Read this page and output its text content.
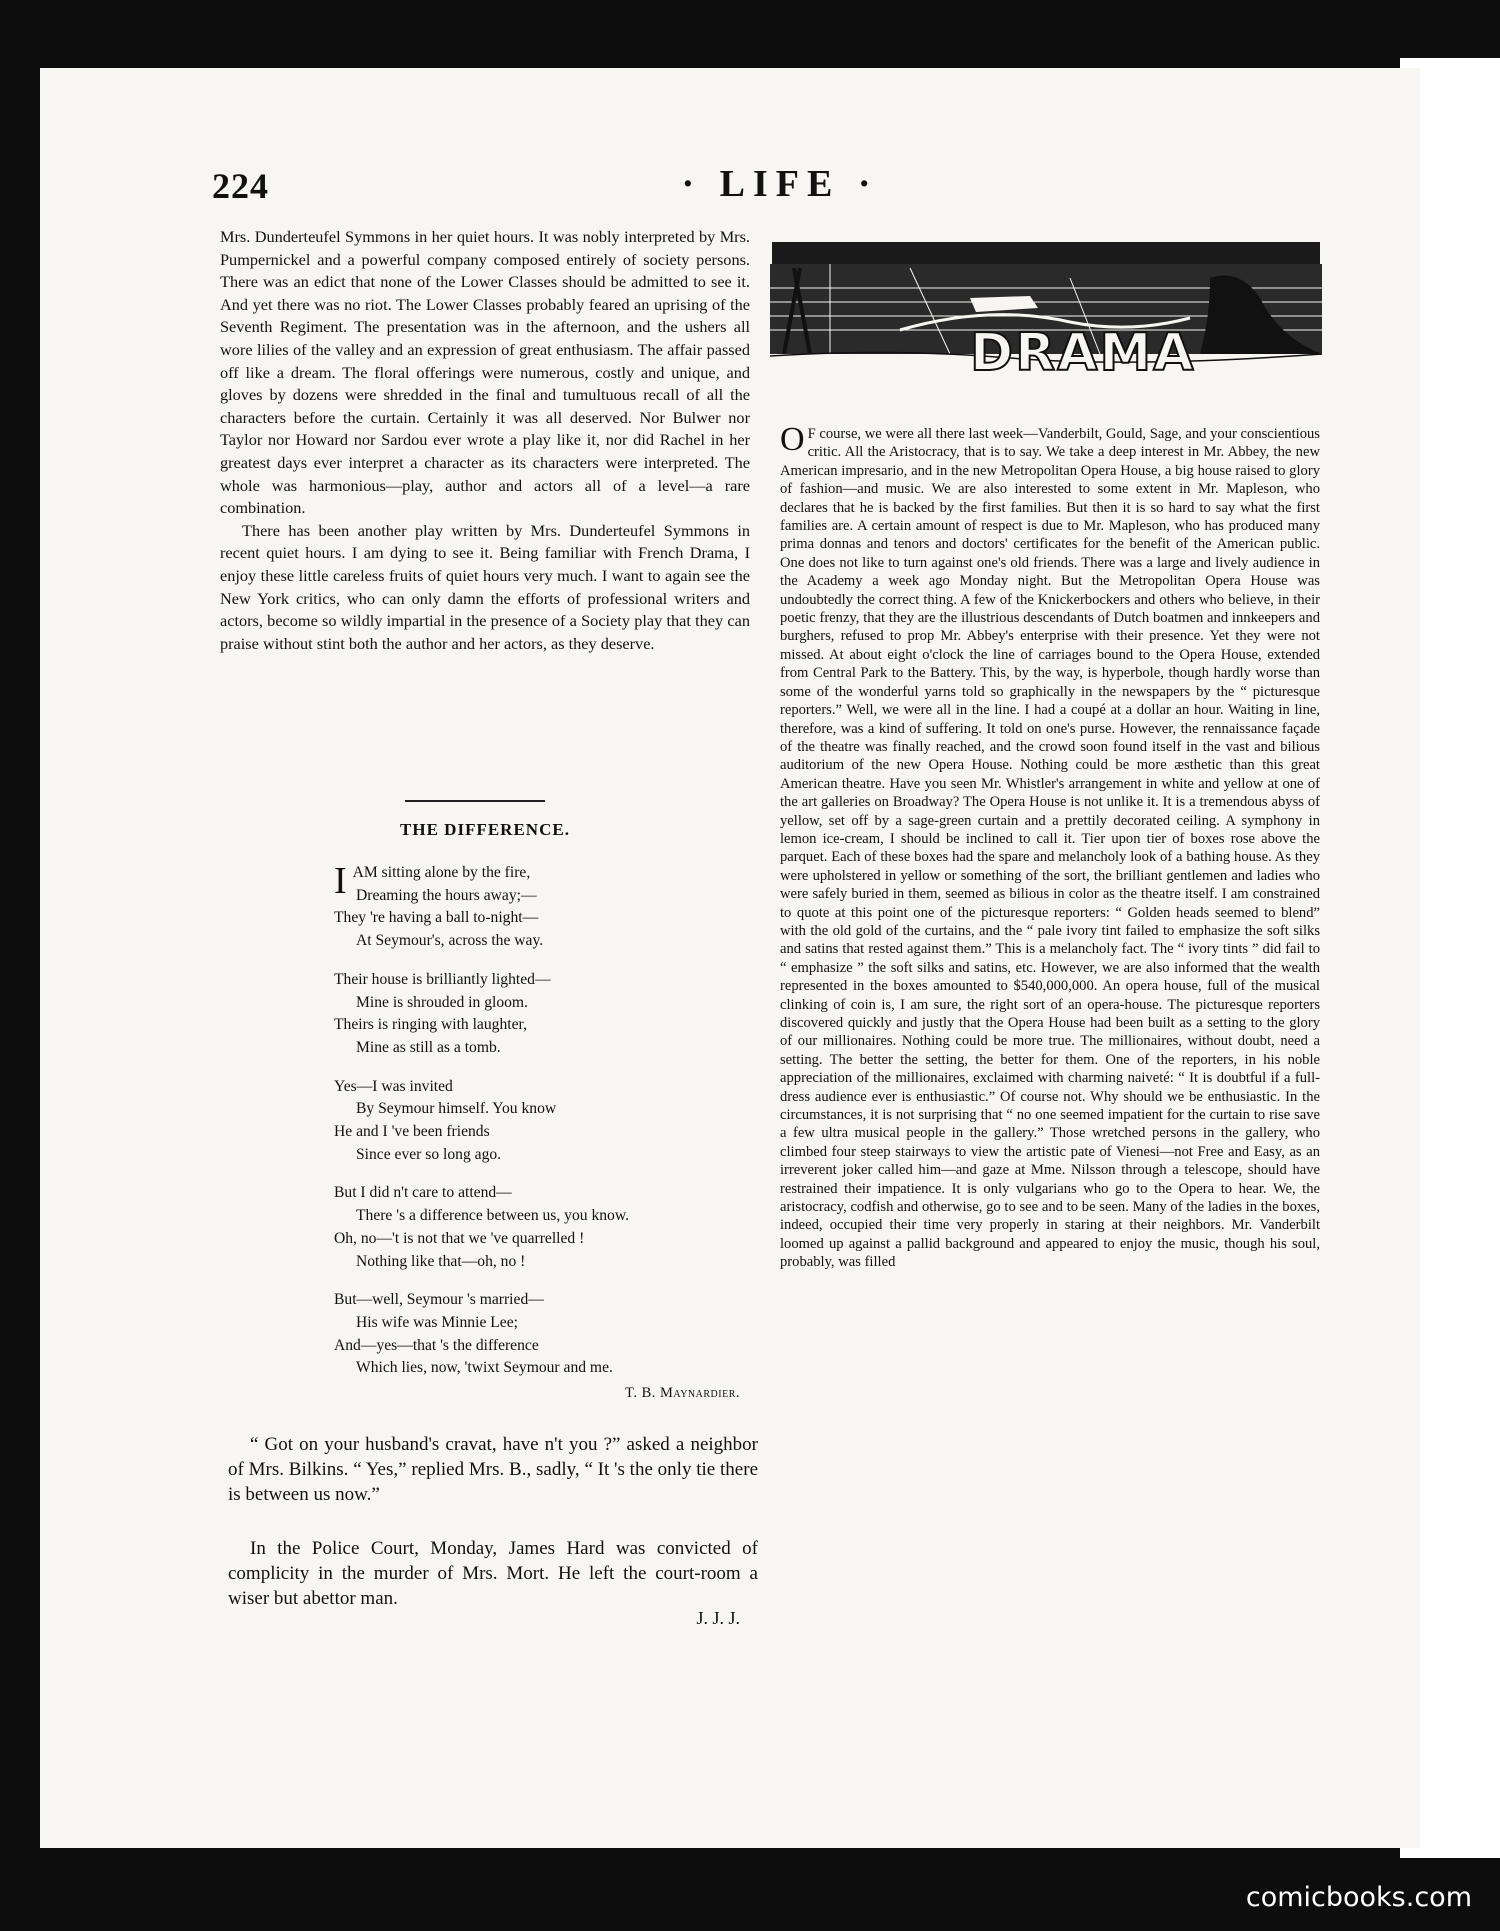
224	· LIFE ·

Mrs. Dunderteufel Symmons in her quiet hours. It was nobly interpreted by Mrs. Pumpernickel and a powerful company composed entirely of society persons. There was an edict that none of the Lower Classes should be admitted to see it. And yet there was no riot. The Lower Classes probably feared an uprising of the Seventh Regiment. The presentation was in the afternoon, and the ushers all wore lilies of the valley and an expression of great enthusiasm. The affair passed off like a dream. The floral offerings were numerous, costly and unique, and gloves by dozens were shredded in the final and tumultuous recall of all the characters before the curtain. Certainly it was all deserved. Nor Bulwer nor Taylor nor Howard nor Sardou ever wrote a play like it, nor did Rachel in her greatest days ever interpret a character as its characters were interpreted. The whole was harmonious—play, author and actors all of a level—a rare combination.

There has been another play written by Mrs. Dunderteufel Symmons in recent quiet hours. I am dying to see it. Being familiar with French Drama, I enjoy these little careless fruits of quiet hours very much. I want to again see the New York critics, who can only damn the efforts of professional writers and actors, become so wildly impartial in the presence of a Society play that they can praise without stint both the author and her actors, as they deserve.

THE DIFFERENCE.
I AM sitting alone by the fire,
Dreaming the hours away;—
They 're having a ball to-night—
At Seymour's, across the way.
Their house is brilliantly lighted—
Mine is shrouded in gloom.
Theirs is ringing with laughter,
Mine as still as a tomb.
Yes—I was invited
By Seymour himself. You know
He and I 've been friends
Since ever so long ago.
But I did n't care to attend—
There 's a difference between us, you know.
Oh, no—'t is not that we 've quarrelled !
Nothing like that—oh, no !
But—well, Seymour 's married—
His wife was Minnie Lee;
And—yes—that 's the difference
Which lies, now, 'twixt Seymour and me.
T. B. Maynardier.
“ Got on your husband's cravat, have n't you ?” asked a neighbor of Mrs. Bilkins. “ Yes,” replied Mrs. B., sadly, “ It 's the only tie there is between us now.”
In the Police Court, Monday, James Hard was convicted of complicity in the murder of Mrs. Mort. He left the court-room a wiser but abettor man.
J. J. J.
DRAMA
O F course, we were all there last week—Vanderbilt, Gould, Sage, and your conscientious critic. All the Aristocracy, that is to say. We take a deep interest in Mr. Abbey, the new American impresario, and in the new Metropolitan Opera House, a big house raised to glory of fashion—and music. We are also interested to some extent in Mr. Mapleson, who declares that he is backed by the first families. But then it is so hard to say what the first families are. A certain amount of respect is due to Mr. Mapleson, who has produced many prima donnas and tenors and doctors' certificates for the benefit of the American public. One does not like to turn against one's old friends. There was a large and lively audience in the Academy a week ago Monday night. But the Metropolitan Opera House was undoubtedly the correct thing. A few of the Knickerbockers and others who believe, in their poetic frenzy, that they are the illustrious descendants of Dutch boatmen and innkeepers and burghers, refused to prop Mr. Abbey's enterprise with their presence. Yet they were not missed. At about eight o'clock the line of carriages bound to the Opera House, extended from Central Park to the Battery. This, by the way, is hyperbole, though hardly worse than some of the wonderful yarns told so graphically in the newspapers by the “ picturesque reporters.” Well, we were all in the line. I had a coupé at a dollar an hour. Waiting in line, therefore, was a kind of suffering. It told on one's purse. However, the rennaissance façade of the theatre was finally reached, and the crowd soon found itself in the vast and bilious auditorium of the new Opera House. Nothing could be more æsthetic than this great American theatre. Have you seen Mr. Whistler's arrangement in white and yellow at one of the art galleries on Broadway? The Opera House is not unlike it. It is a tremendous abyss of yellow, set off by a sage-green curtain and a prettily decorated ceiling. A symphony in lemon ice-cream, I should be inclined to call it. Tier upon tier of boxes rose above the parquet. Each of these boxes had the spare and melancholy look of a bathing house. As they were upholstered in yellow or something of the sort, the brilliant gentlemen and ladies who were safely buried in them, seemed as bilious in color as the theatre itself. I am constrained to quote at this point one of the picturesque reporters: “ Golden heads seemed to blend” with the old gold of the curtains, and the “ pale ivory tint failed to emphasize the soft silks and satins that rested against them.” This is a melancholy fact. The “ ivory tints ” did fail to “ emphasize ” the soft silks and satins, etc. However, we are also informed that the wealth represented in the boxes amounted to $540,000,000. An opera house, full of the musical clinking of coin is, I am sure, the right sort of an opera-house. The picturesque reporters discovered quickly and justly that the Opera House had been built as a setting to the glory of our millionaires. Nothing could be more true. The millionaires, without doubt, need a setting. The better the setting, the better for them. One of the reporters, in his noble appreciation of the millionaires, exclaimed with charming naiveté: “ It is doubtful if a full-dress audience ever is enthusiastic.” Of course not. Why should we be enthusiastic. In the circumstances, it is not surprising that “ no one seemed impatient for the curtain to rise save a few ultra musical people in the gallery.” Those wretched persons in the gallery, who climbed four steep stairways to view the artistic pate of Vienesi—not Free and Easy, as an irreverent joker called him—and gaze at Mme. Nilsson through a telescope, should have restrained their impatience. It is only vulgarians who go to the Opera to hear. We, the aristocracy, codfish and otherwise, go to see and to be seen. Many of the ladies in the boxes, indeed, occupied their time very properly in staring at their neighbors. Mr. Vanderbilt loomed up against a pallid background and appeared to enjoy the music, though his soul, probably, was filled
comicbooks.com
